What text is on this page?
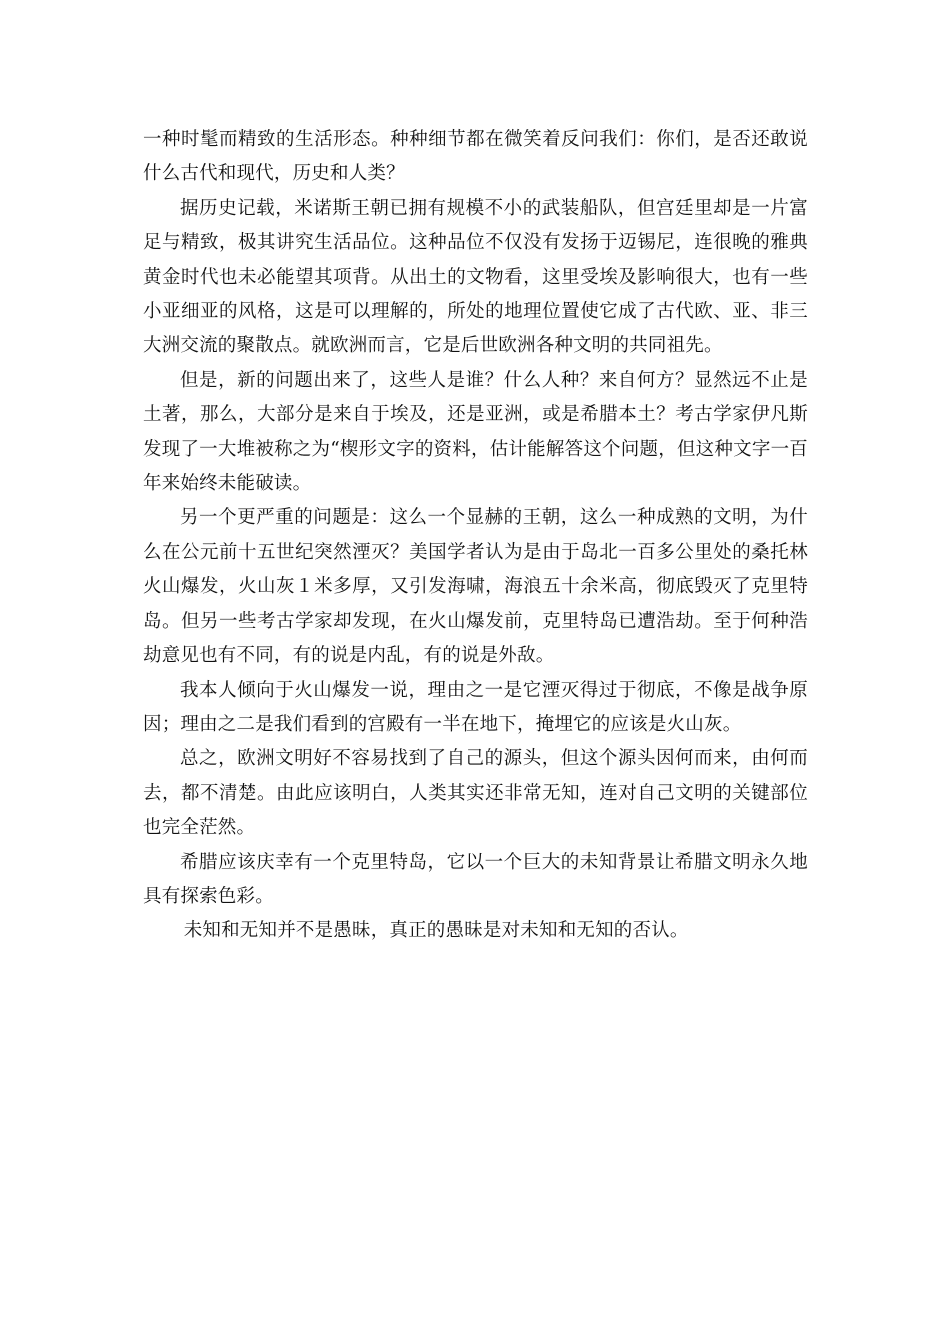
一种时髦而精致的生活形态。种种细节都在微笑着反问我们：你们，是否还敢说什么古代和现代，历史和人类？

据历史记载，米诺斯王朝已拥有规模不小的武装船队，但宫廷里却是一片富足与精致，极其讲究生活品位。这种品位不仅没有发扬于迈锡尼，连很晚的雅典黄金时代也未必能望其项背。从出土的文物看，这里受埃及影响很大，也有一些小亚细亚的风格，这是可以理解的，所处的地理位置使它成了古代欧、亚、非三大洲交流的聚散点。就欧洲而言，它是后世欧洲各种文明的共同祖先。

但是，新的问题出来了，这些人是谁？什么人种？来自何方？显然远不止是土著，那么，大部分是来自于埃及，还是亚洲，或是希腊本土？考古学家伊凡斯发现了一大堆被称之为“楔形文字的资料，估计能解答这个问题，但这种文字一百年来始终未能破读。

另一个更严重的问题是：这么一个显赫的王朝，这么一种成熟的文明，为什么在公元前十五世纪突然湮灭？美国学者认为是由于岛北一百多公里处的桑托林火山爆发，火山灰１米多厚，又引发海啸，海浪五十余米高，彻底毁灭了克里特岛。但另一些考古学家却发现，在火山爆发前，克里特岛已遭浩劫。至于何种浩劫意见也有不同，有的说是内乱，有的说是外敌。

我本人倾向于火山爆发一说，理由之一是它湮灭得过于彻底，不像是战争原因；理由之二是我们看到的宫殿有一半在地下，掩埋它的应该是火山灰。

总之，欧洲文明好不容易找到了自己的源头，但这个源头因何而来，由何而去，都不清楚。由此应该明白，人类其实还非常无知，连对自己文明的关键部位也完全茫然。

希腊应该庆幸有一个克里特岛，它以一个巨大的未知背景让希腊文明永久地具有探索色彩。

未知和无知并不是愚昧，真正的愚昧是对未知和无知的否认。
